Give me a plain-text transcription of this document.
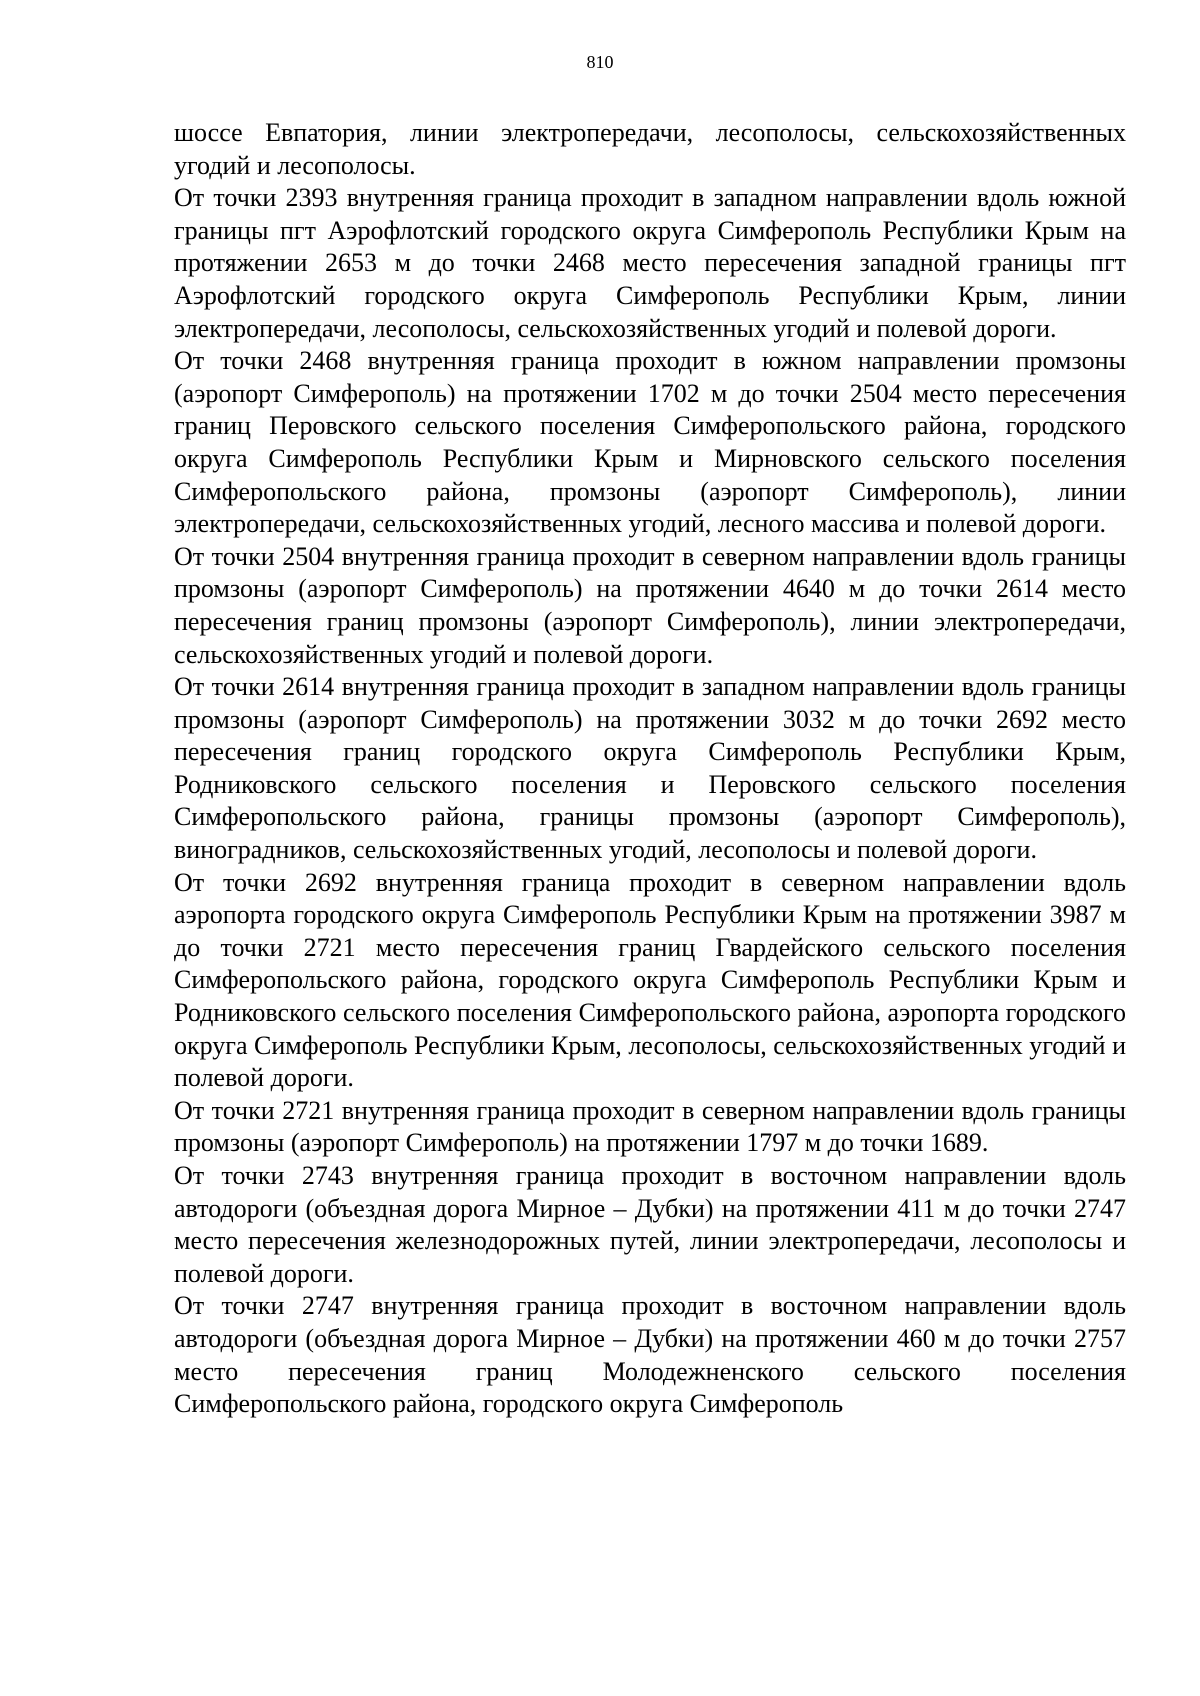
810

шоссе Евпатория, линии электропередачи, лесополосы, сельскохозяйственных угодий и лесополосы.

От точки 2393 внутренняя граница проходит в западном направлении вдоль южной границы пгт Аэрофлотский городского округа Симферополь Республики Крым на протяжении 2653 м до точки 2468 место пересечения западной границы пгт Аэрофлотский городского округа Симферополь Республики Крым, линии электропередачи, лесополосы, сельскохозяйственных угодий и полевой дороги.

От точки 2468 внутренняя граница проходит в южном направлении промзоны (аэропорт Симферополь) на протяжении 1702 м до точки 2504 место пересечения границ Перовского сельского поселения Симферопольского района, городского округа Симферополь Республики Крым и Мирновского сельского поселения Симферопольского района, промзоны (аэропорт Симферополь), линии электропередачи, сельскохозяйственных угодий, лесного массива и полевой дороги.

От точки 2504 внутренняя граница проходит в северном направлении вдоль границы промзоны (аэропорт Симферополь) на протяжении 4640 м до точки 2614 место пересечения границ промзоны (аэропорт Симферополь), линии электропередачи, сельскохозяйственных угодий и полевой дороги.

От точки 2614 внутренняя граница проходит в западном направлении вдоль границы промзоны (аэропорт Симферополь) на протяжении 3032 м до точки 2692 место пересечения границ городского округа Симферополь Республики Крым, Родниковского сельского поселения и Перовского сельского поселения Симферопольского района, границы промзоны (аэропорт Симферополь), виноградников, сельскохозяйственных угодий, лесополосы и полевой дороги.

От точки 2692 внутренняя граница проходит в северном направлении вдоль аэропорта городского округа Симферополь Республики Крым на протяжении 3987 м до точки 2721 место пересечения границ Гвардейского сельского поселения Симферопольского района, городского округа Симферополь Республики Крым и Родниковского сельского поселения Симферопольского района, аэропорта городского округа Симферополь Республики Крым, лесополосы, сельскохозяйственных угодий и полевой дороги.

От точки 2721 внутренняя граница проходит в северном направлении вдоль границы промзоны (аэропорт Симферополь) на протяжении 1797 м до точки 1689.

От точки 2743 внутренняя граница проходит в восточном направлении вдоль автодороги (объездная дорога Мирное – Дубки) на протяжении 411 м до точки 2747 место пересечения железнодорожных путей, линии электропередачи, лесополосы и полевой дороги.

От точки 2747 внутренняя граница проходит в восточном направлении вдоль автодороги (объездная дорога Мирное – Дубки) на протяжении 460 м до точки 2757 место пересечения границ Молодежненского сельского поселения Симферопольского района, городского округа Симферополь
